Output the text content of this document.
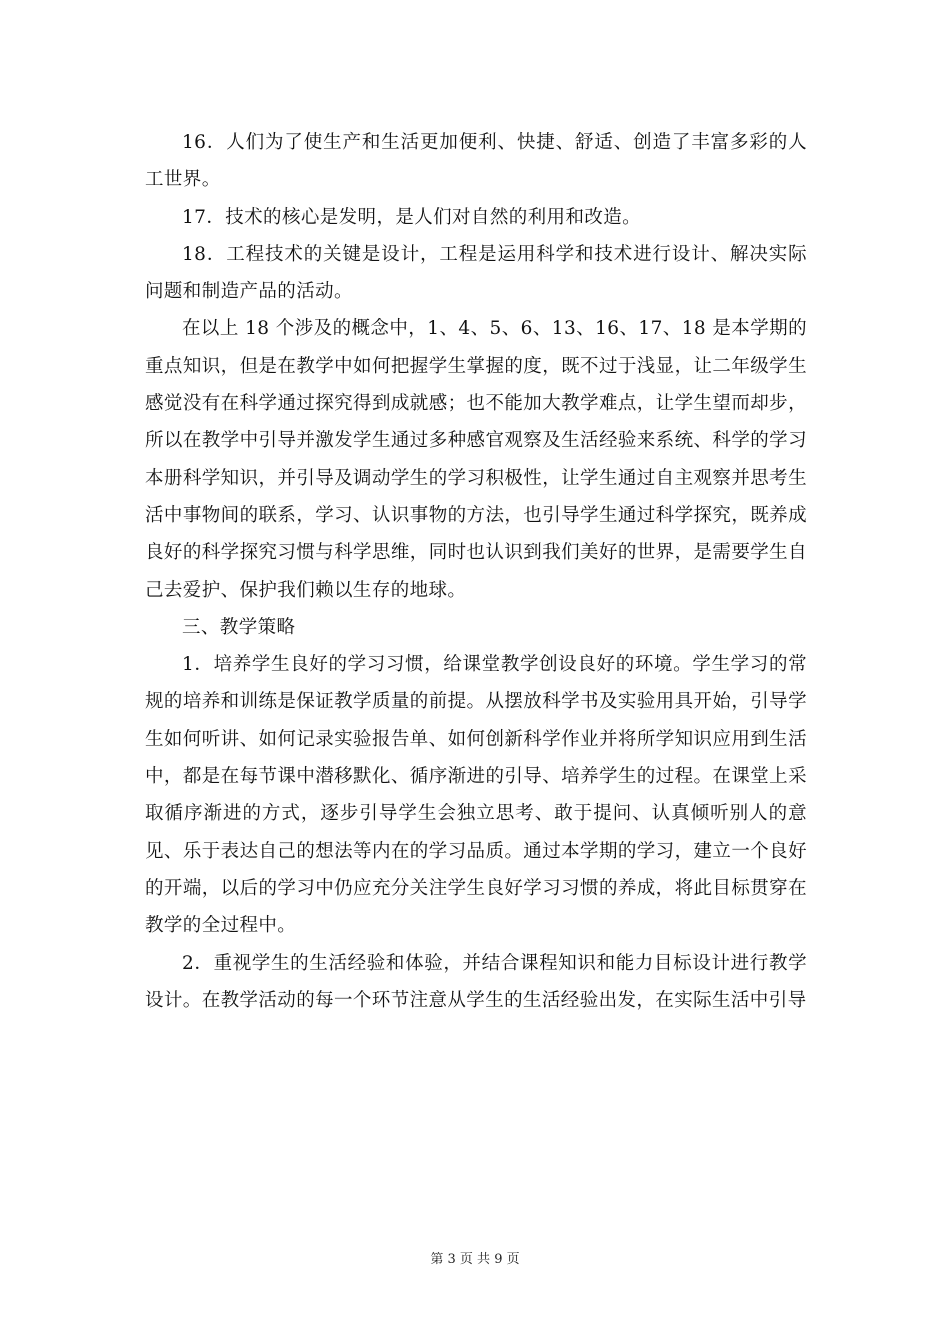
16．人们为了使生产和生活更加便利、快捷、舒适、创造了丰富多彩的人工世界。

17．技术的核心是发明，是人们对自然的利用和改造。

18．工程技术的关键是设计，工程是运用科学和技术进行设计、解决实际问题和制造产品的活动。

在以上 18 个涉及的概念中，1、4、5、6、13、16、17、18 是本学期的重点知识，但是在教学中如何把握学生掌握的度，既不过于浅显，让二年级学生感觉没有在科学通过探究得到成就感；也不能加大教学难点，让学生望而却步，所以在教学中引导并激发学生通过多种感官观察及生活经验来系统、科学的学习本册科学知识，并引导及调动学生的学习积极性，让学生通过自主观察并思考生活中事物间的联系，学习、认识事物的方法，也引导学生通过科学探究，既养成良好的科学探究习惯与科学思维，同时也认识到我们美好的世界，是需要学生自己去爱护、保护我们赖以生存的地球。

三、教学策略

1．培养学生良好的学习习惯，给课堂教学创设良好的环境。学生学习的常规的培养和训练是保证教学质量的前提。从摆放科学书及实验用具开始，引导学生如何听讲、如何记录实验报告单、如何创新科学作业并将所学知识应用到生活中，都是在每节课中潜移默化、循序渐进的引导、培养学生的过程。在课堂上采取循序渐进的方式，逐步引导学生会独立思考、敢于提问、认真倾听别人的意见、乐于表达自己的想法等内在的学习品质。通过本学期的学习，建立一个良好的开端，以后的学习中仍应充分关注学生良好学习习惯的养成，将此目标贯穿在教学的全过程中。

2．重视学生的生活经验和体验，并结合课程知识和能力目标设计进行教学设计。在教学活动的每一个环节注意从学生的生活经验出发，在实际生活中引导

第 3 页 共 9 页
